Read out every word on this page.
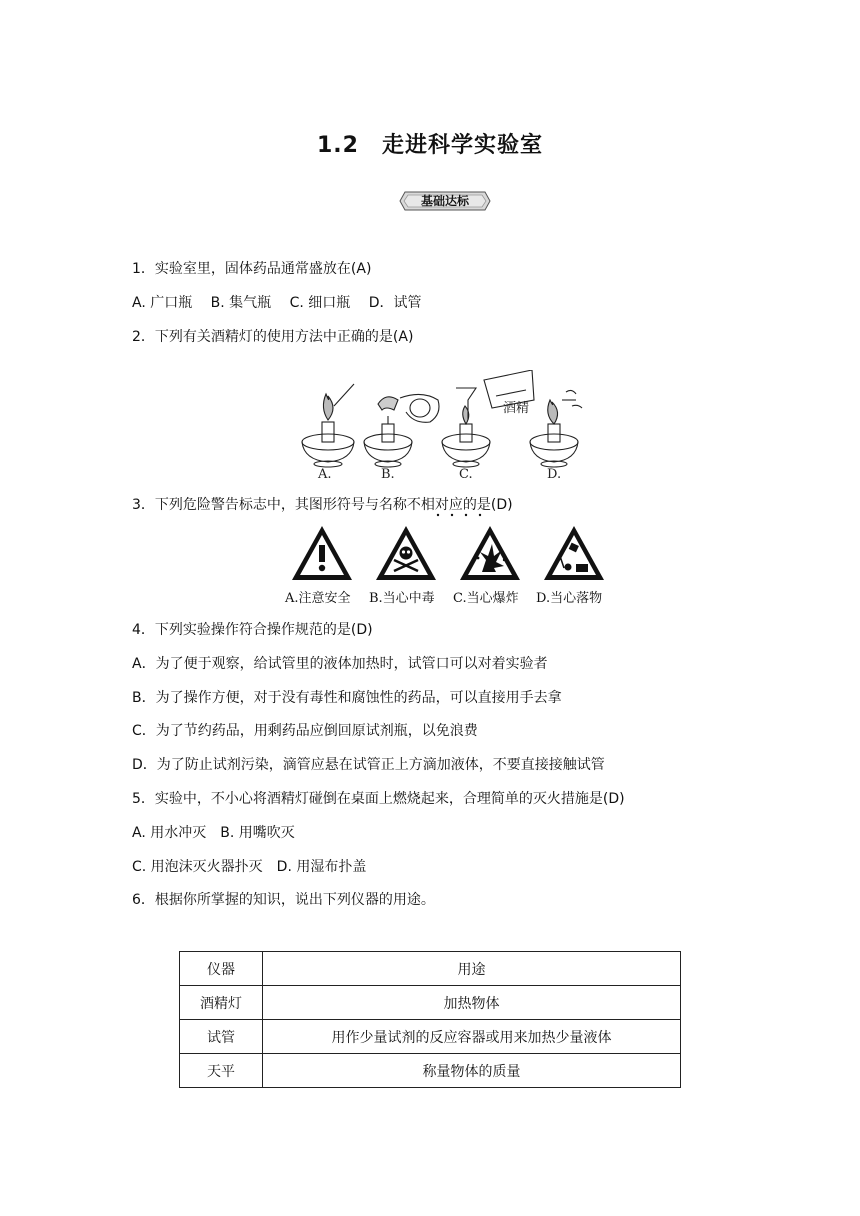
1.2　走进科学实验室
基础达标
1．实验室里，固体药品通常盛放在(A)
A. 广口瓶　 B. 集气瓶　 C. 细口瓶　 D．试管
2．下列有关酒精灯的使用方法中正确的是(A)
酒精
A.	B.	C.	D.
3．下列危险警告标志中，其图形符号与名称不相对应的是(D)
A.注意安全 B.当心中毒 C.当心爆炸 D.当心落物
4．下列实验操作符合操作规范的是(D)
A．为了便于观察，给试管里的液体加热时，试管口可以对着实验者
B．为了操作方便，对于没有毒性和腐蚀性的药品，可以直接用手去拿
C．为了节约药品，用剩药品应倒回原试剂瓶，以免浪费
D．为了防止试剂污染，滴管应悬在试管正上方滴加液体，不要直接接触试管
5．实验中，不小心将酒精灯碰倒在桌面上燃烧起来，合理简单的灭火措施是(D)
A. 用水冲灭　B. 用嘴吹灭
C. 用泡沫灭火器扑灭　D. 用湿布扑盖
6．根据你所掌握的知识，说出下列仪器的用途。
仪器	用途
酒精灯	加热物体
试管	用作少量试剂的反应容器或用来加热少量液体
天平	称量物体的质量
